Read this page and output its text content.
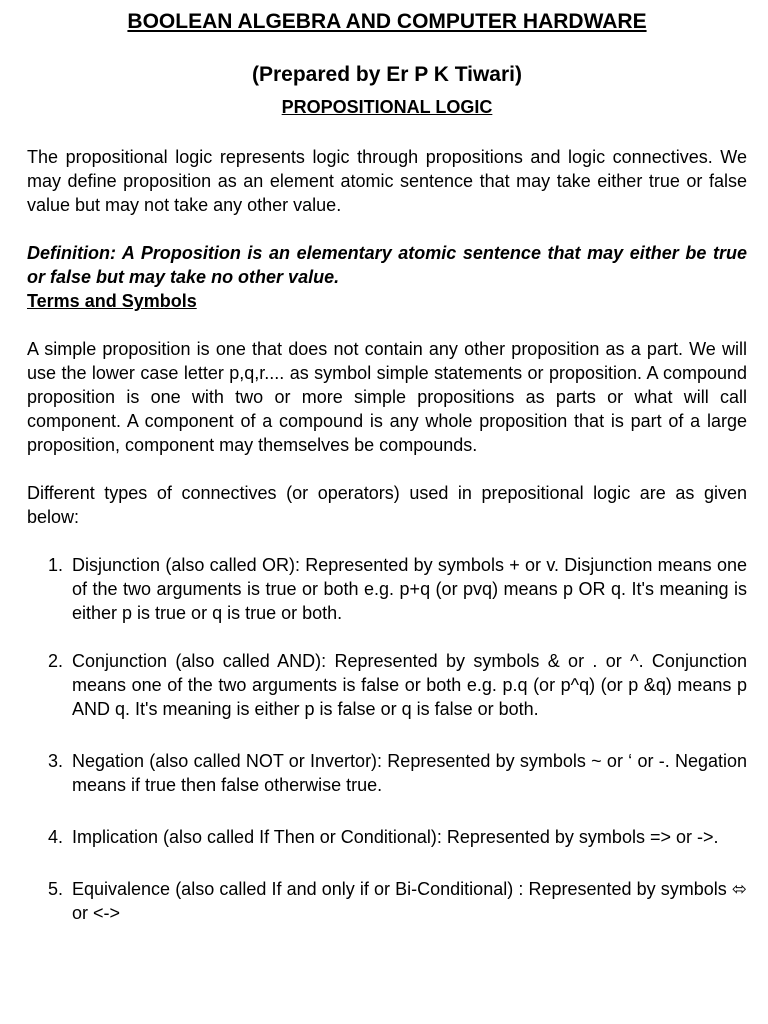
BOOLEAN ALGEBRA AND COMPUTER HARDWARE
(Prepared by Er P K Tiwari)
PROPOSITIONAL LOGIC

The propositional logic represents logic through propositions and logic connectives. We may define proposition as an element atomic sentence that may take either true or false value but may not take any other value.

Definition: A Proposition is an elementary atomic sentence that may either be true or false but may take no other value.

Terms and Symbols

A simple proposition is one that does not contain any other proposition as a part. We will use the lower case letter p,q,r.... as symbol simple statements or proposition. A compound proposition is one with two or more simple propositions as parts or what will call component. A component of a compound is any whole proposition that is part of a large proposition, component may themselves be compounds.

Different types of connectives (or operators) used in prepositional logic are as given below:

1. Disjunction (also called OR): Represented by symbols + or v. Disjunction means one of the two arguments is true or both e.g. p+q (or pvq) means p OR q. It's meaning is either p is true or q is true or both.
2. Conjunction (also called AND): Represented by symbols & or . or ^. Conjunction means one of the two arguments is false or both e.g. p.q (or p^q) (or p &q) means p AND q. It's meaning is either p is false or q is false or both.
3. Negation (also called NOT or Invertor): Represented by symbols ~ or ‘ or -. Negation means if true then false otherwise true.
4. Implication (also called If Then or Conditional): Represented by symbols => or ->.
5. Equivalence (also called If and only if or Bi-Conditional) : Represented by symbols ⬄ or <->
